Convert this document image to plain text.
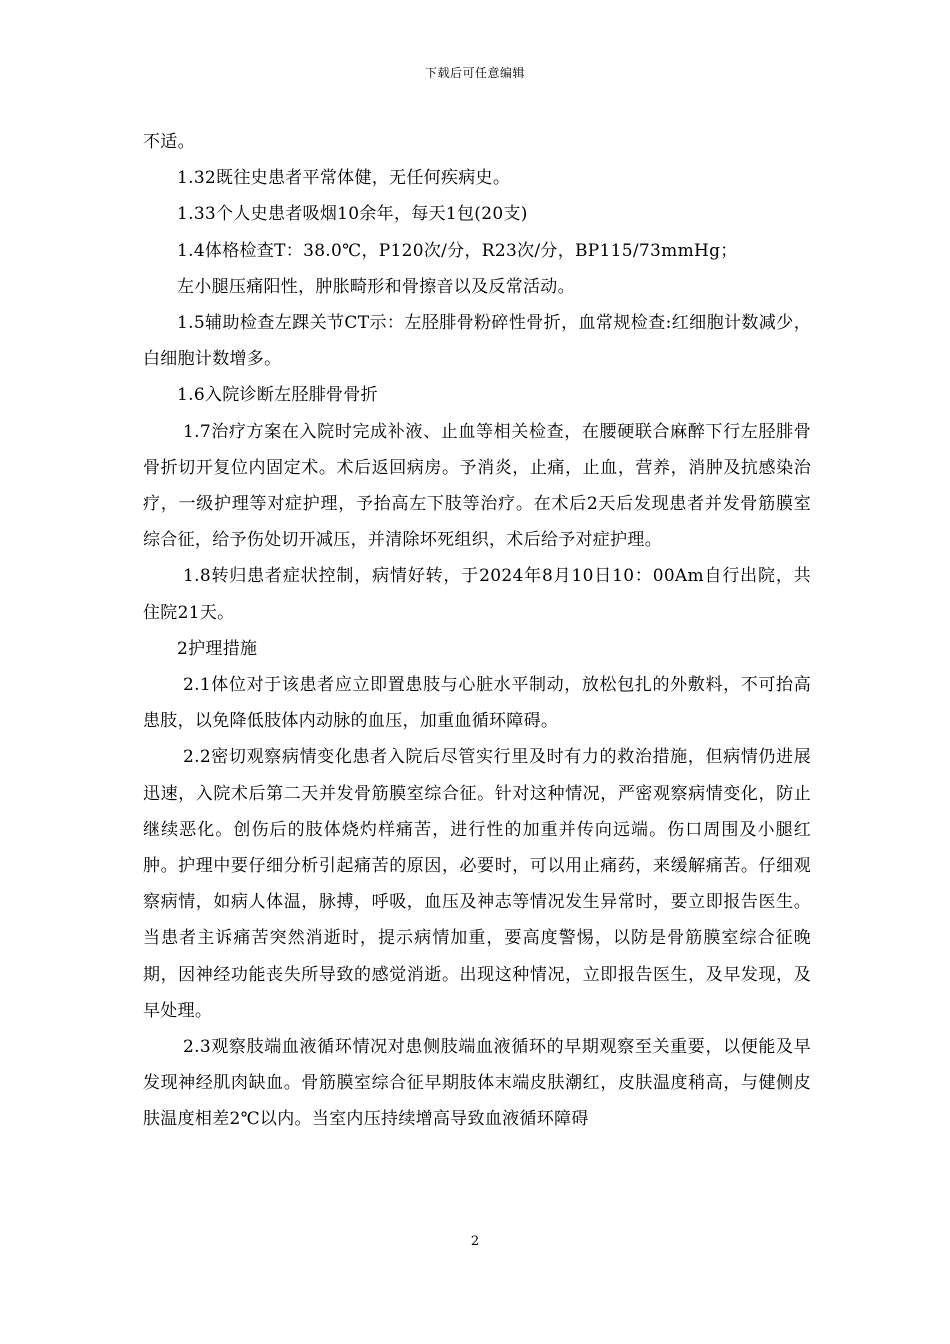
下载后可任意编辑

不适。

1.32既往史患者平常体健，无任何疾病史。

1.33个人史患者吸烟10余年，每天1包(20支)

1.4体格检查T：38.0℃，P120次/分，R23次/分，BP115/73mmHg；

左小腿压痛阳性，肿胀畸形和骨擦音以及反常活动。

1.5辅助检查左踝关节CT示：左胫腓骨粉碎性骨折，血常规检查:红细胞计数减少，白细胞计数增多。

1.6入院诊断左胫腓骨骨折

1.7治疗方案在入院时完成补液、止血等相关检查，在腰硬联合麻醉下行左胫腓骨骨折切开复位内固定术。术后返回病房。予消炎，止痛，止血，营养，消肿及抗感染治疗，一级护理等对症护理，予抬高左下肢等治疗。在术后2天后发现患者并发骨筋膜室综合征，给予伤处切开减压，并清除坏死组织，术后给予对症护理。

1.8转归患者症状控制，病情好转，于2024年8月10日10：00Am自行出院，共住院21天。

2护理措施

2.1体位对于该患者应立即置患肢与心脏水平制动，放松包扎的外敷料，不可抬高患肢，以免降低肢体内动脉的血压，加重血循环障碍。

2.2密切观察病情变化患者入院后尽管实行里及时有力的救治措施，但病情仍进展迅速，入院术后第二天并发骨筋膜室综合征。针对这种情况，严密观察病情变化，防止继续恶化。创伤后的肢体烧灼样痛苦，进行性的加重并传向远端。伤口周围及小腿红肿。护理中要仔细分析引起痛苦的原因，必要时，可以用止痛药，来缓解痛苦。仔细观察病情，如病人体温，脉搏，呼吸，血压及神志等情况发生异常时，要立即报告医生。当患者主诉痛苦突然消逝时，提示病情加重，要高度警惕，以防是骨筋膜室综合征晚期，因神经功能丧失所导致的感觉消逝。出现这种情况，立即报告医生，及早发现，及早处理。

2.3观察肢端血液循环情况对患侧肢端血液循环的早期观察至关重要，以便能及早发现神经肌肉缺血。骨筋膜室综合征早期肢体末端皮肤潮红，皮肤温度稍高，与健侧皮肤温度相差2℃以内。当室内压持续增高导致血液循环障碍

2
